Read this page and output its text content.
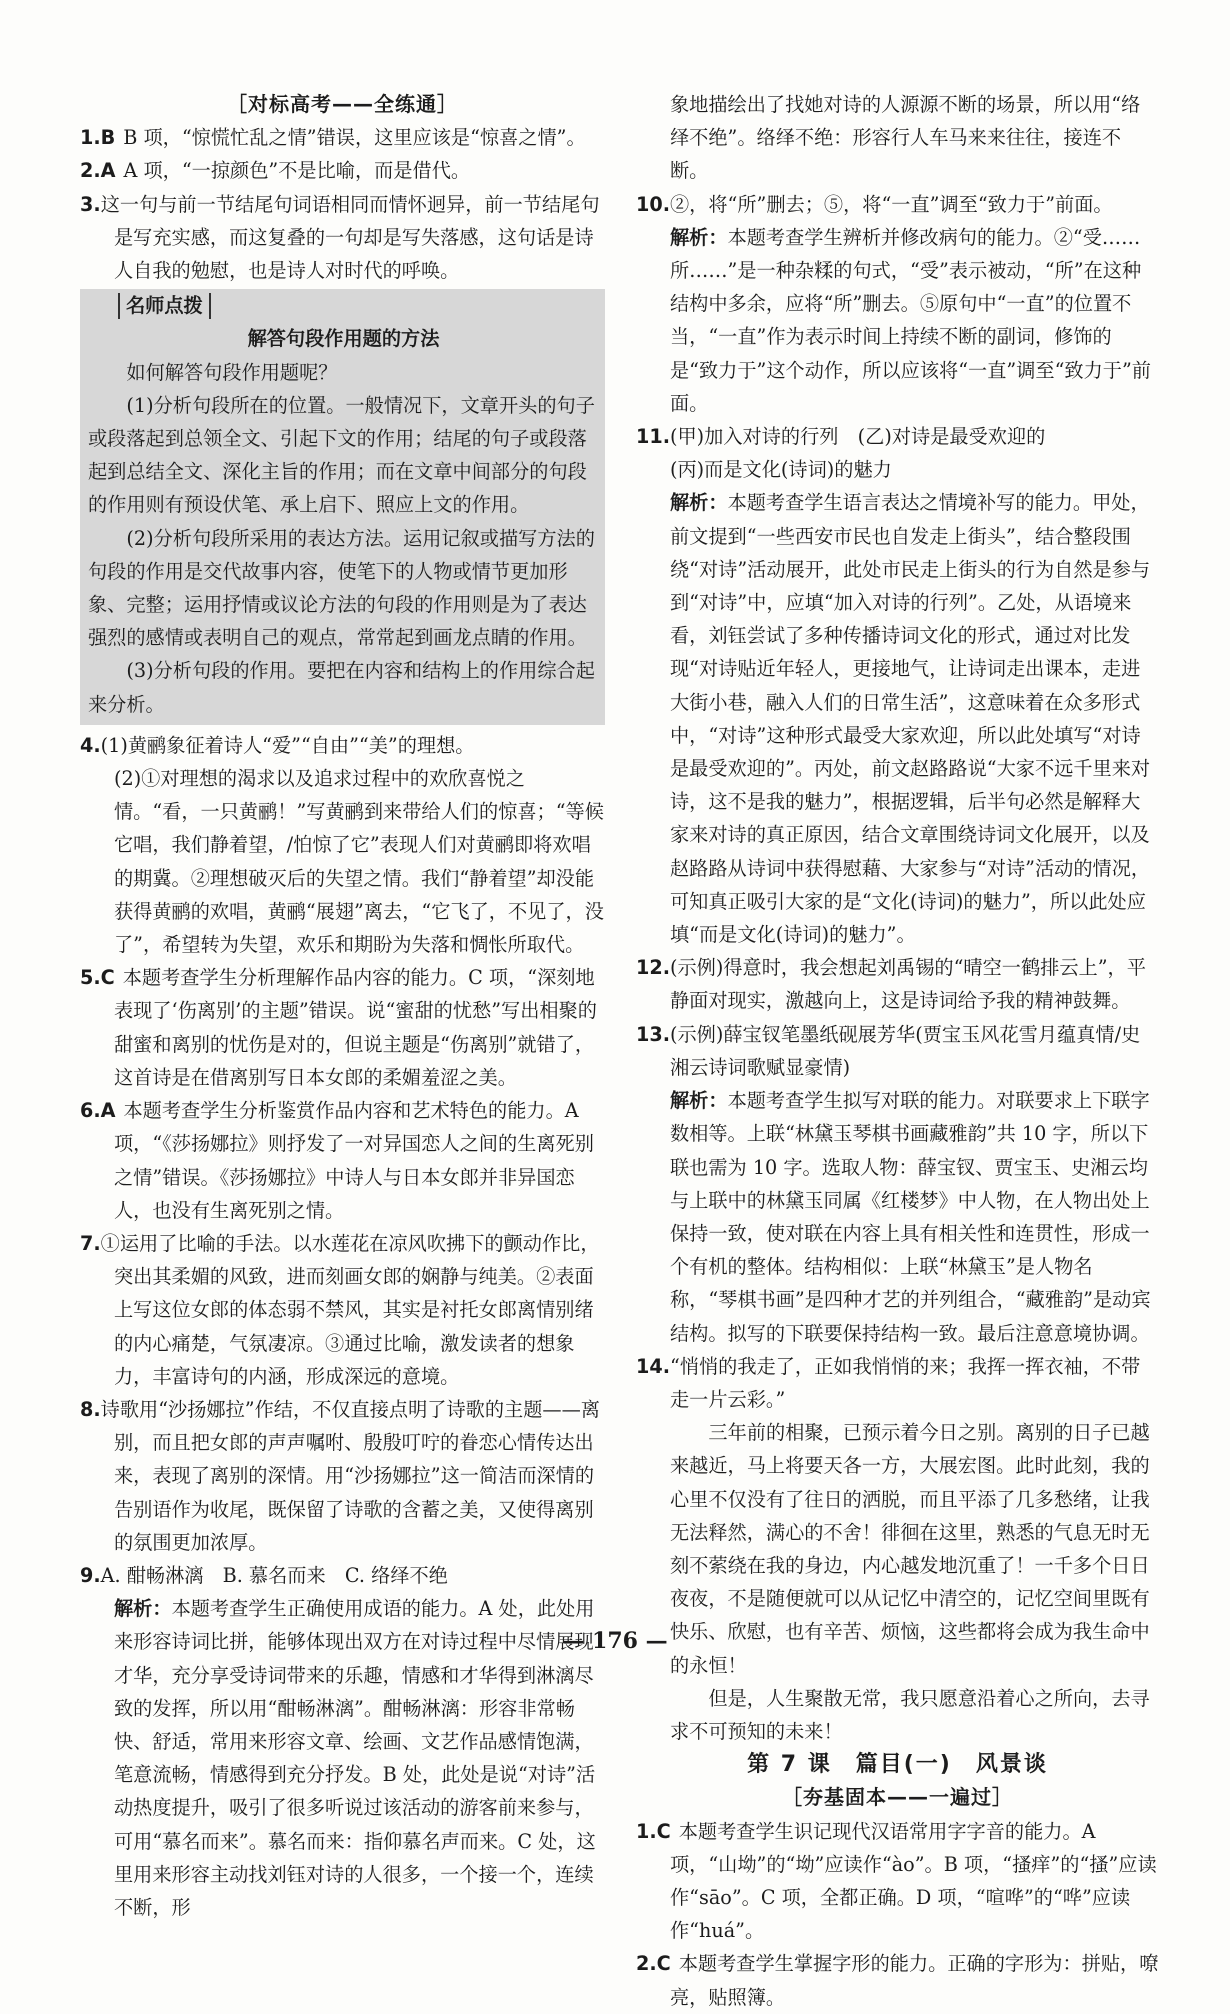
［对标高考——全练通］

1.B B 项，“惊慌忙乱之情”错误，这里应该是“惊喜之情”。

2.A A 项，“一掠颜色”不是比喻，而是借代。

3.这一句与前一节结尾句词语相同而情怀迥异，前一节结尾句是写充实感，而这复叠的一句却是写失落感，这句话是诗人自我的勉慰，也是诗人对时代的呼唤。

名师点拨

解答句段作用题的方法

如何解答句段作用题呢？

(1)分析句段所在的位置。一般情况下，文章开头的句子或段落起到总领全文、引起下文的作用；结尾的句子或段落起到总结全文、深化主旨的作用；而在文章中间部分的句段的作用则有预设伏笔、承上启下、照应上文的作用。

(2)分析句段所采用的表达方法。运用记叙或描写方法的句段的作用是交代故事内容，使笔下的人物或情节更加形象、完整；运用抒情或议论方法的句段的作用则是为了表达强烈的感情或表明自己的观点，常常起到画龙点睛的作用。

(3)分析句段的作用。要把在内容和结构上的作用综合起来分析。

4.(1)黄鹂象征着诗人“爱”“自由”“美”的理想。

(2)①对理想的渴求以及追求过程中的欢欣喜悦之情。“看，一只黄鹂！”写黄鹂到来带给人们的惊喜；“等候它唱，我们静着望，/怕惊了它”表现人们对黄鹂即将欢唱的期冀。②理想破灭后的失望之情。我们“静着望”却没能获得黄鹂的欢唱，黄鹂“展翅”离去，“它飞了，不见了，没了”，希望转为失望，欢乐和期盼为失落和惆怅所取代。

5.C 本题考查学生分析理解作品内容的能力。C 项，“深刻地表现了‘伤离别’的主题”错误。说“蜜甜的忧愁”写出相聚的甜蜜和离别的忧伤是对的，但说主题是“伤离别”就错了，这首诗是在借离别写日本女郎的柔媚羞涩之美。

6.A 本题考查学生分析鉴赏作品内容和艺术特色的能力。A 项，“《莎扬娜拉》则抒发了一对异国恋人之间的生离死别之情”错误。《莎扬娜拉》中诗人与日本女郎并非异国恋人，也没有生离死别之情。

7.①运用了比喻的手法。以水莲花在凉风吹拂下的颤动作比，突出其柔媚的风致，进而刻画女郎的娴静与纯美。②表面上写这位女郎的体态弱不禁风，其实是衬托女郎离情别绪的内心痛楚，气氛凄凉。③通过比喻，激发读者的想象力，丰富诗句的内涵，形成深远的意境。

8.诗歌用“沙扬娜拉”作结，不仅直接点明了诗歌的主题——离别，而且把女郎的声声嘱咐、殷殷叮咛的眷恋心情传达出来，表现了离别的深情。用“沙扬娜拉”这一简洁而深情的告别语作为收尾，既保留了诗歌的含蓄之美，又使得离别的氛围更加浓厚。

9.A. 酣畅淋漓　B. 慕名而来　C. 络绎不绝

解析：本题考查学生正确使用成语的能力。A 处，此处用来形容诗词比拼，能够体现出双方在对诗过程中尽情展现才华，充分享受诗词带来的乐趣，情感和才华得到淋漓尽致的发挥，所以用“酣畅淋漓”。酣畅淋漓：形容非常畅快、舒适，常用来形容文章、绘画、文艺作品感情饱满，笔意流畅，情感得到充分抒发。B 处，此处是说“对诗”活动热度提升，吸引了很多听说过该活动的游客前来参与，可用“慕名而来”。慕名而来：指仰慕名声而来。C 处，这里用来形容主动找刘钰对诗的人很多，一个接一个，连续不断，形

象地描绘出了找她对诗的人源源不断的场景，所以用“络绎不绝”。络绎不绝：形容行人车马来来往往，接连不断。

10.②，将“所”删去；⑤，将“一直”调至“致力于”前面。

解析：本题考查学生辨析并修改病句的能力。②“受……所……”是一种杂糅的句式，“受”表示被动，“所”在这种结构中多余，应将“所”删去。⑤原句中“一直”的位置不当，“一直”作为表示时间上持续不断的副词，修饰的是“致力于”这个动作，所以应该将“一直”调至“致力于”前面。

11.(甲)加入对诗的行列　(乙)对诗是最受欢迎的

(丙)而是文化(诗词)的魅力

解析：本题考查学生语言表达之情境补写的能力。甲处，前文提到“一些西安市民也自发走上街头”，结合整段围绕“对诗”活动展开，此处市民走上街头的行为自然是参与到“对诗”中，应填“加入对诗的行列”。乙处，从语境来看，刘钰尝试了多种传播诗词文化的形式，通过对比发现“对诗贴近年轻人，更接地气，让诗词走出课本，走进大街小巷，融入人们的日常生活”，这意味着在众多形式中，“对诗”这种形式最受大家欢迎，所以此处填写“对诗是最受欢迎的”。丙处，前文赵路路说“大家不远千里来对诗，这不是我的魅力”，根据逻辑，后半句必然是解释大家来对诗的真正原因，结合文章围绕诗词文化展开，以及赵路路从诗词中获得慰藉、大家参与“对诗”活动的情况，可知真正吸引大家的是“文化(诗词)的魅力”，所以此处应填“而是文化(诗词)的魅力”。

12.(示例)得意时，我会想起刘禹锡的“晴空一鹤排云上”，平静面对现实，激越向上，这是诗词给予我的精神鼓舞。

13.(示例)薛宝钗笔墨纸砚展芳华(贾宝玉风花雪月蕴真情/史湘云诗词歌赋显豪情)

解析：本题考查学生拟写对联的能力。对联要求上下联字数相等。上联“林黛玉琴棋书画藏雅韵”共 10 字，所以下联也需为 10 字。选取人物：薛宝钗、贾宝玉、史湘云均与上联中的林黛玉同属《红楼梦》中人物，在人物出处上保持一致，使对联在内容上具有相关性和连贯性，形成一个有机的整体。结构相似：上联“林黛玉”是人物名称，“琴棋书画”是四种才艺的并列组合，“藏雅韵”是动宾结构。拟写的下联要保持结构一致。最后注意意境协调。

14.“悄悄的我走了，正如我悄悄的来；我挥一挥衣袖，不带走一片云彩。”

三年前的相聚，已预示着今日之别。离别的日子已越来越近，马上将要天各一方，大展宏图。此时此刻，我的心里不仅没有了往日的洒脱，而且平添了几多愁绪，让我无法释然，满心的不舍！徘徊在这里，熟悉的气息无时无刻不萦绕在我的身边，内心越发地沉重了！一千多个日日夜夜，不是随便就可以从记忆中清空的，记忆空间里既有快乐、欣慰，也有辛苦、烦恼，这些都将会成为我生命中的永恒！

但是，人生聚散无常，我只愿意沿着心之所向，去寻求不可预知的未来！

第 7 课　篇目(一)　风景谈

［夯基固本——一遍过］

1.C 本题考查学生识记现代汉语常用字字音的能力。A 项，“山坳”的“坳”应读作“ào”。B 项，“搔痒”的“搔”应读作“sāo”。C 项，全都正确。D 项，“喧哗”的“哗”应读作“huá”。

2.C 本题考查学生掌握字形的能力。正确的字形为：拼贴，嘹亮，贴照簿。

— 176 —
